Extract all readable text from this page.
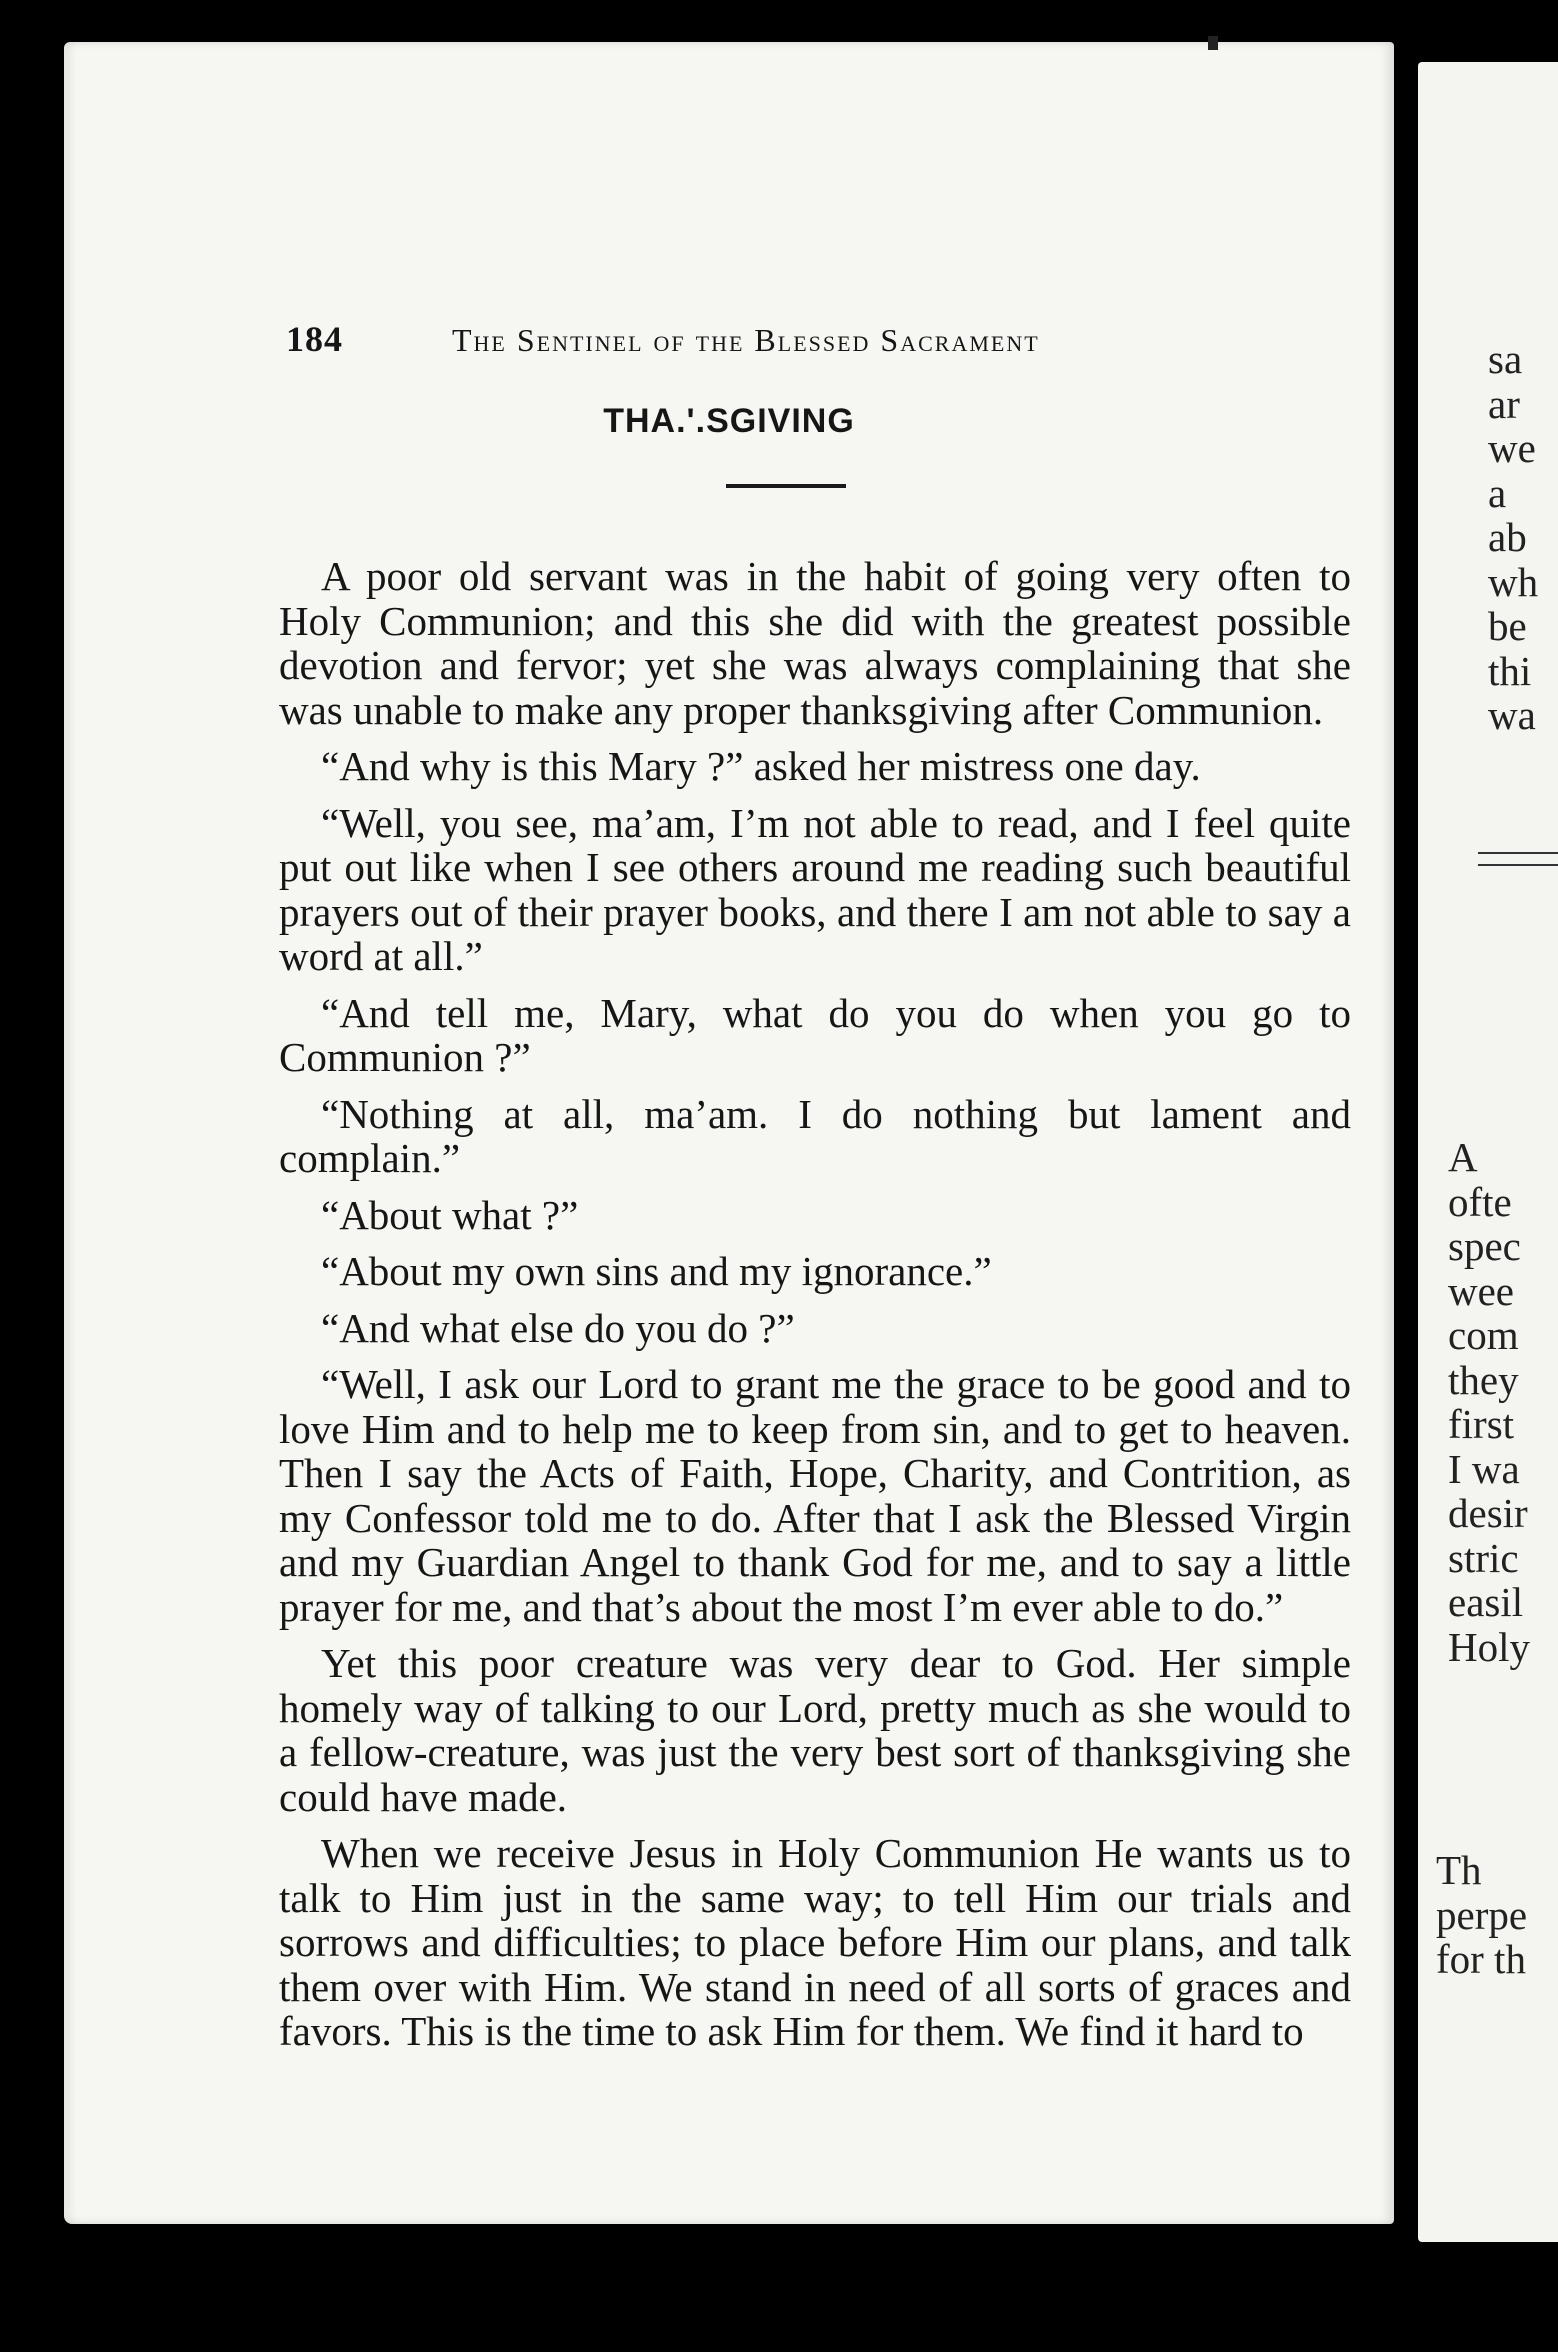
184	The Sentinel of the Blessed Sacrament
THA.'.SGIVING

A poor old servant was in the habit of going very often to Holy Communion; and this she did with the greatest possible devotion and fervor; yet she was always complaining that she was unable to make any proper thanksgiving after Communion.

“And why is this Mary ?” asked her mistress one day.

“Well, you see, ma’am, I’m not able to read, and I feel quite put out like when I see others around me reading such beautiful prayers out of their prayer books, and there I am not able to say a word at all.”

“And tell me, Mary, what do you do when you go to Communion ?”

“Nothing at all, ma’am. I do nothing but lament and complain.”

“About what ?”

“About my own sins and my ignorance.”

“And what else do you do ?”

“Well, I ask our Lord to grant me the grace to be good and to love Him and to help me to keep from sin, and to get to heaven. Then I say the Acts of Faith, Hope, Charity, and Contrition, as my Confessor told me to do. After that I ask the Blessed Virgin and my Guardian Angel to thank God for me, and to say a little prayer for me, and that’s about the most I’m ever able to do.”

Yet this poor creature was very dear to God. Her simple homely way of talking to our Lord, pretty much as she would to a fellow-creature, was just the very best sort of thanksgiving she could have made.

When we receive Jesus in Holy Communion He wants us to talk to Him just in the same way; to tell Him our trials and sorrows and difficulties; to place before Him our plans, and talk them over with Him. We stand in need of all sorts of graces and favors. This is the time to ask Him for them. We find it hard to

sa
ar
we
a
ab
wh
be
thi
wa
A
ofte
spec
wee
com
they
first
I wa
desir
stric
easil
Holy
Th
perpe
for th
